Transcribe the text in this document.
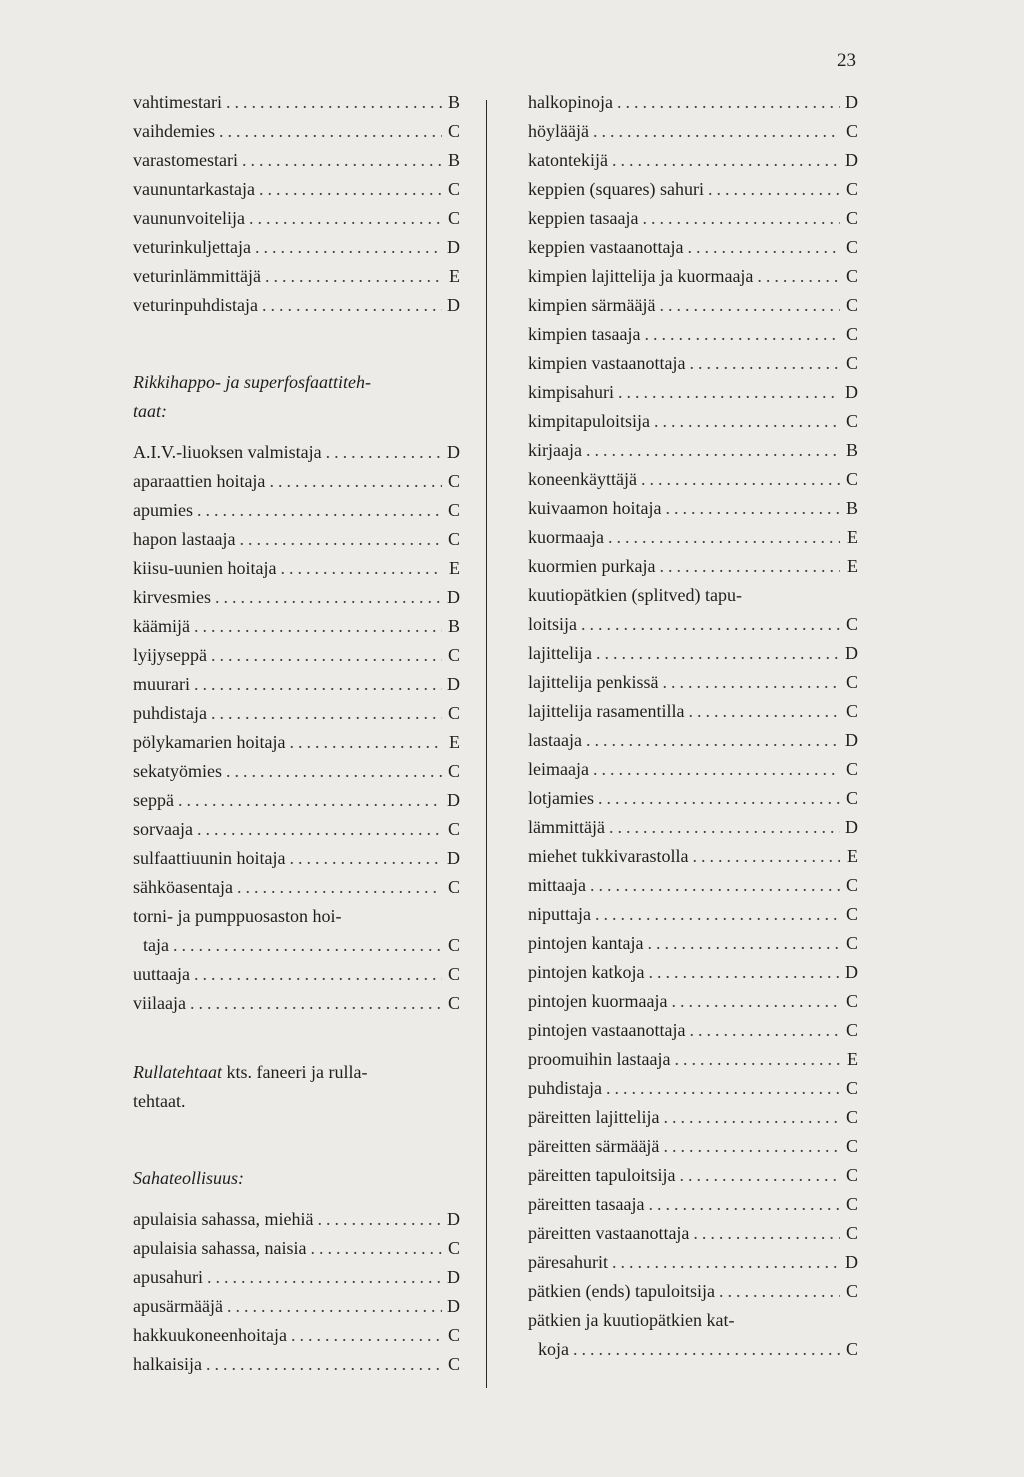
23
vahtimestari .....	B
vaihdemies .....	C
varastomestari .....	B
vaununtarkastaja .....	C
vaununvoitelija .....	C
veturinkuljettaja .....	D
veturinlämmittäjä .....	E
veturinpuhdistaja .....	D
Rikkihappo- ja superfosfaattiteh-
taat:
A.I.V.-liuoksen valmistaja .....	D
aparaattien hoitaja .....	C
apumies .....	C
hapon lastaaja .....	C
kiisu-uunien hoitaja .....	E
kirvesmies .....	D
käämijä .....	B
lyijyseppä .....	C
muurari .....	D
puhdistaja .....	C
pölykamarien hoitaja .....	E
sekatyömies .....	C
seppä .....	D
sorvaaja .....	C
sulfaattiuunin hoitaja .....	D
sähköasentaja .....	C
torni- ja pumppuosaston hoi-
taja .....	C
uuttaaja .....	C
viilaaja .....	C
Rullatehtaat kts. faneeri ja rulla-
tehtaat.
Sahateollisuus:
apulaisia sahassa, miehiä .....	D
apulaisia sahassa, naisia .....	C
apusahuri .....	D
apusärmääjä .....	D
hakkuukoneenhoitaja .....	C
halkaisija .....	C
halkopinoja .....	D
höylääjä .....	C
katontekijä .....	D
keppien (squares) sahuri .....	C
keppien tasaaja .....	C
keppien vastaanottaja .....	C
kimpien lajittelija ja kuormaaja .....	C
kimpien särmääjä .....	C
kimpien tasaaja .....	C
kimpien vastaanottaja .....	C
kimpisahuri .....	D
kimpitapuloitsija .....	C
kirjaaja .....	B
koneenkäyttäjä .....	C
kuivaamon hoitaja .....	B
kuormaaja .....	E
kuormien purkaja .....	E
kuutiopätkien (splitved) tapu-
loitsija .....	C
lajittelija .....	D
lajittelija penkissä .....	C
lajittelija rasamentilla .....	C
lastaaja .....	D
leimaaja .....	C
lotjamies .....	C
lämmittäjä .....	D
miehet tukkivarastolla .....	E
mittaaja .....	C
niputtaja .....	C
pintojen kantaja .....	C
pintojen katkoja .....	D
pintojen kuormaaja .....	C
pintojen vastaanottaja .....	C
proomuihin lastaaja .....	E
puhdistaja .....	C
päreitten lajittelija .....	C
päreitten särmääjä .....	C
päreitten tapuloitsija .....	C
päreitten tasaaja .....	C
päreitten vastaanottaja .....	C
päresahurit .....	D
pätkien (ends) tapuloitsija .....	C
pätkien ja kuutiopätkien kat-
koja .....	C
